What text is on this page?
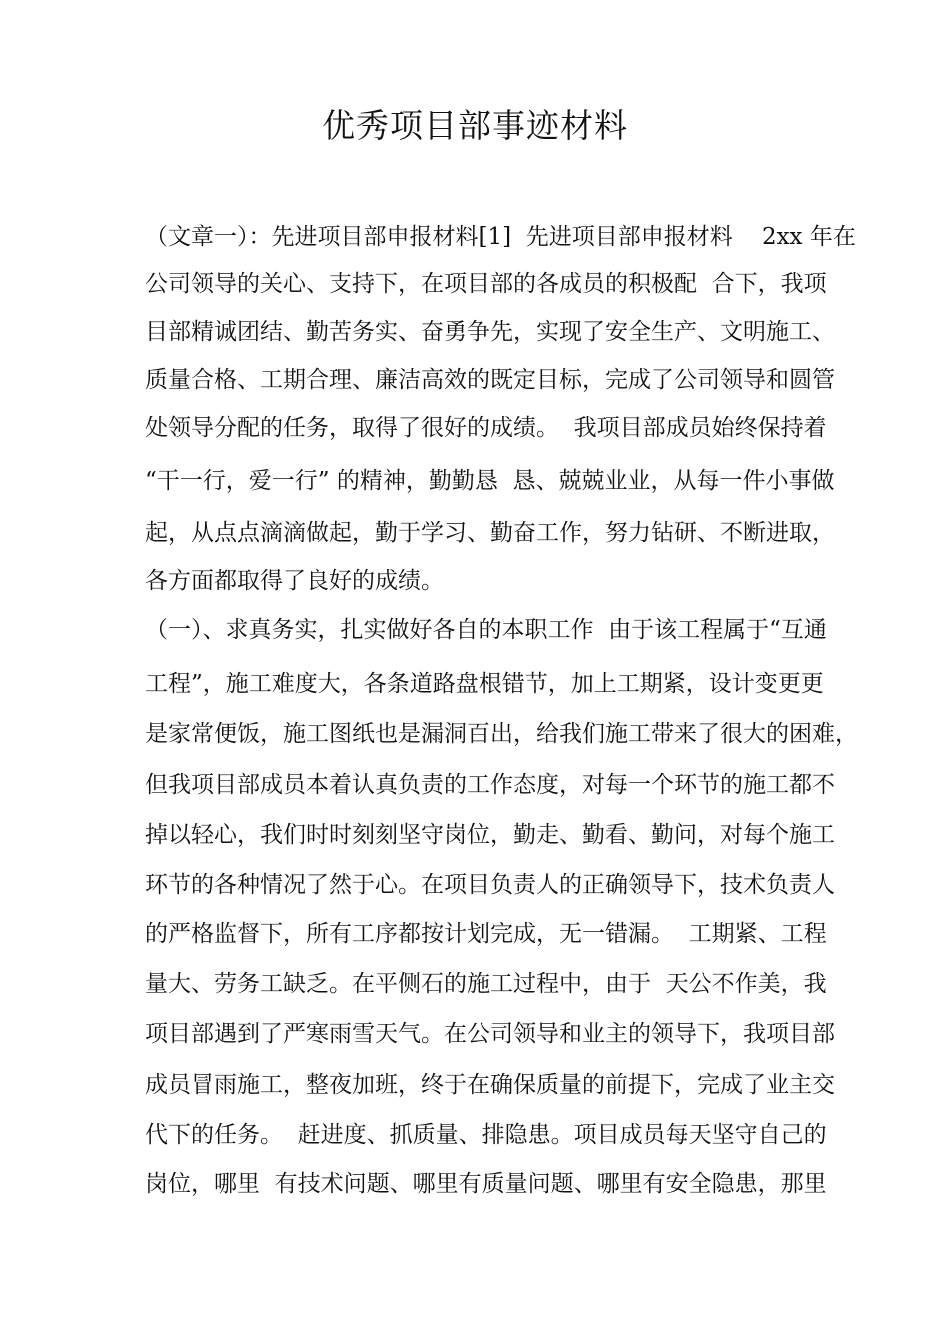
优秀项目部事迹材料
（文章一）：先进项目部申报材料[1]  先进项目部申报材料    2xx 年在
公司领导的关心、支持下，在项目部的各成员的积极配  合下，我项
目部精诚团结、勤苦务实、奋勇争先，实现了安全生产、文明施工、
质量合格、工期合理、廉洁高效的既定目标，完成了公司领导和圆管
处领导分配的任务，取得了很好的成绩。  我项目部成员始终保持着
“干一行，爱一行” 的精神，勤勤恳  恳、兢兢业业，从每一件小事做
起，从点点滴滴做起，勤于学习、勤奋工作，努力钻研、不断进取，
各方面都取得了良好的成绩。
（一）、求真务实，扎实做好各自的本职工作  由于该工程属于“互通
工程”，施工难度大，各条道路盘根错节，加上工期紧，设计变更更
是家常便饭，施工图纸也是漏洞百出，给我们施工带来了很大的困难，
但我项目部成员本着认真负责的工作态度，对每一个环节的施工都不
掉以轻心，我们时时刻刻坚守岗位，勤走、勤看、勤问，对每个施工
环节的各种情况了然于心。在项目负责人的正确领导下，技术负责人
的严格监督下，所有工序都按计划完成，无一错漏。  工期紧、工程
量大、劳务工缺乏。在平侧石的施工过程中，由于  天公不作美，我
项目部遇到了严寒雨雪天气。在公司领导和业主的领导下，我项目部
成员冒雨施工，整夜加班，终于在确保质量的前提下，完成了业主交
代下的任务。  赶进度、抓质量、排隐患。项目成员每天坚守自己的
岗位，哪里  有技术问题、哪里有质量问题、哪里有安全隐患，那里
